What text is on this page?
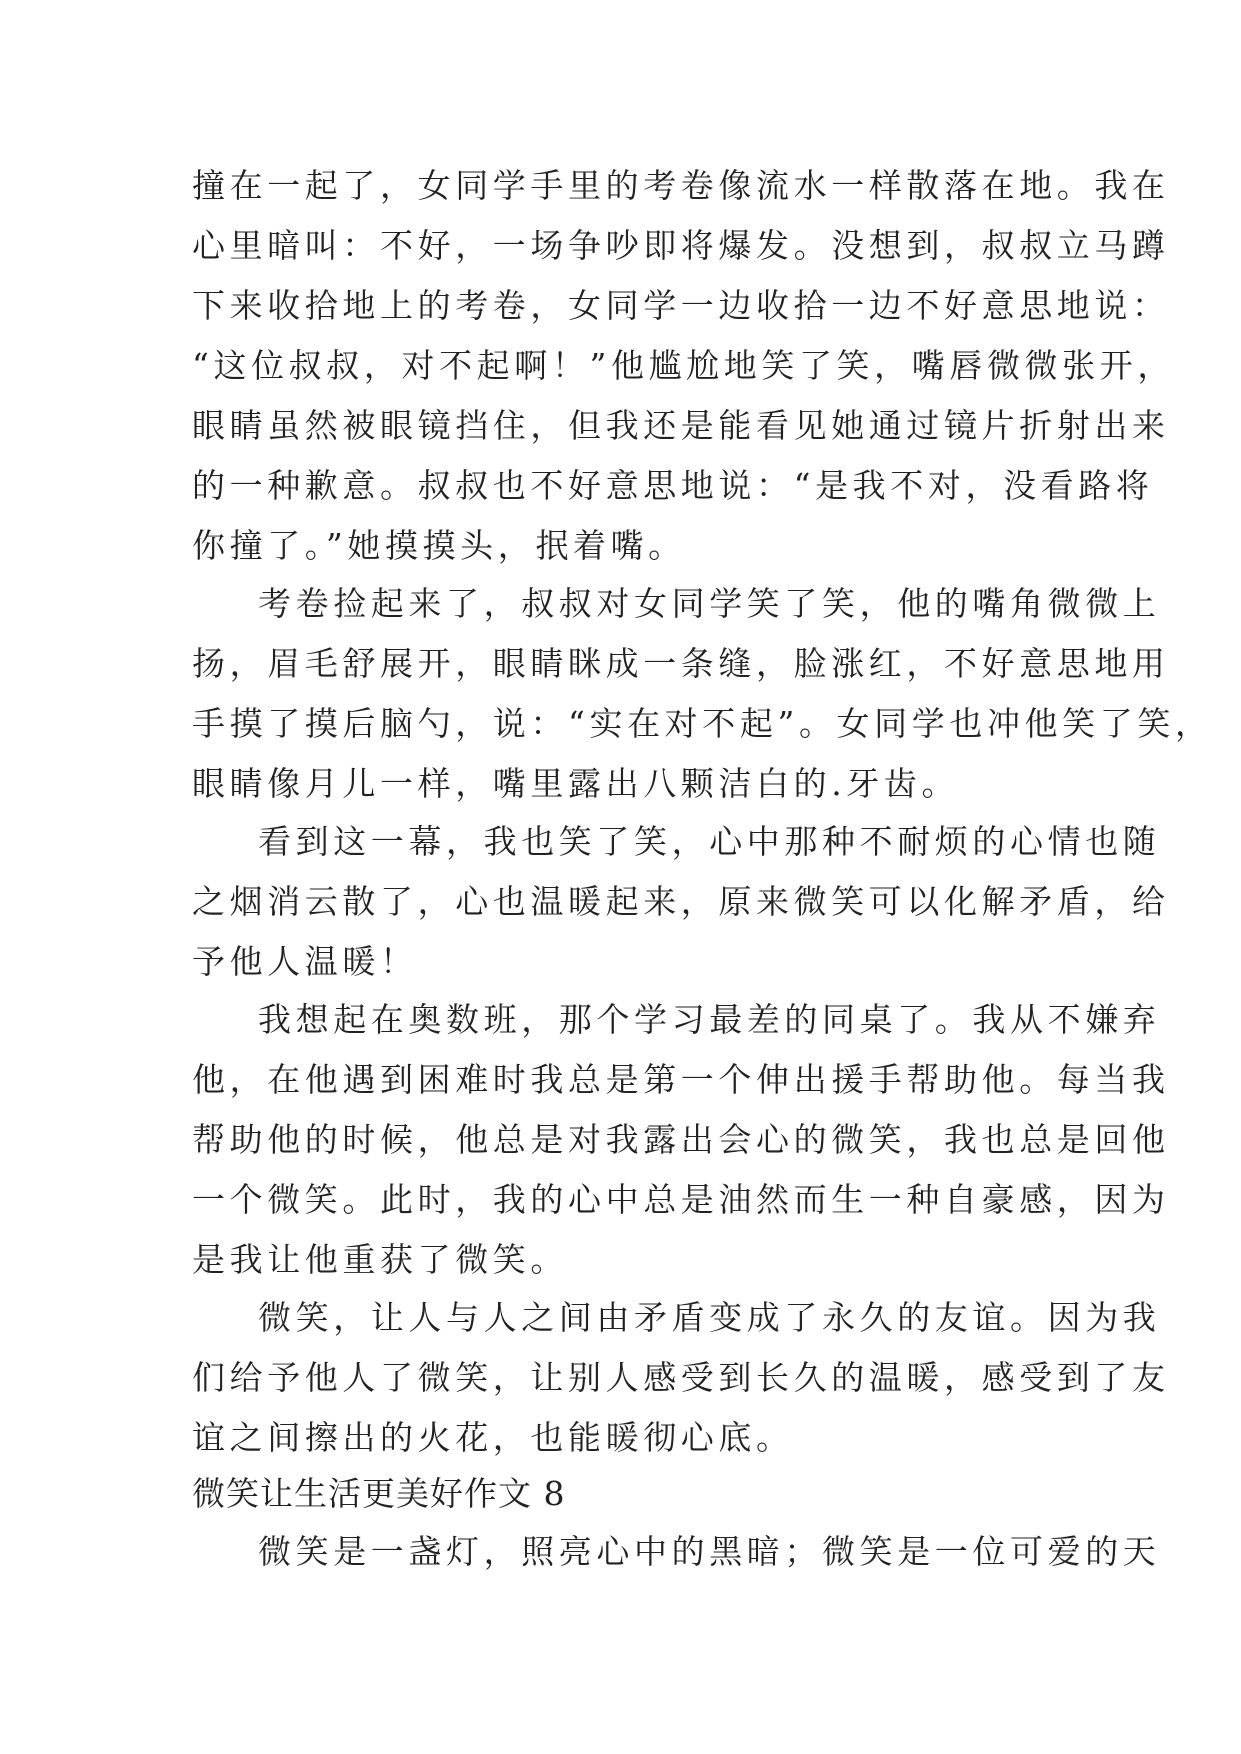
撞在一起了，女同学手里的考卷像流水一样散落在地。我在
心里暗叫：不好，一场争吵即将爆发。没想到，叔叔立马蹲
下来收拾地上的考卷，女同学一边收拾一边不好意思地说：
“这位叔叔，对不起啊！”他尴尬地笑了笑，嘴唇微微张开，
眼睛虽然被眼镜挡住，但我还是能看见她通过镜片折射出来
的一种歉意。叔叔也不好意思地说：“是我不对，没看路将
你撞了。”她摸摸头，抿着嘴。
考卷捡起来了，叔叔对女同学笑了笑，他的嘴角微微上
扬，眉毛舒展开，眼睛眯成一条缝，脸涨红，不好意思地用
手摸了摸后脑勺，说：“实在对不起”。女同学也冲他笑了笑，
眼睛像月儿一样，嘴里露出八颗洁白的.牙齿。
看到这一幕，我也笑了笑，心中那种不耐烦的心情也随
之烟消云散了，心也温暖起来，原来微笑可以化解矛盾，给
予他人温暖！
我想起在奥数班，那个学习最差的同桌了。我从不嫌弃
他，在他遇到困难时我总是第一个伸出援手帮助他。每当我
帮助他的时候，他总是对我露出会心的微笑，我也总是回他
一个微笑。此时，我的心中总是油然而生一种自豪感，因为
是我让他重获了微笑。
微笑，让人与人之间由矛盾变成了永久的友谊。因为我
们给予他人了微笑，让别人感受到长久的温暖，感受到了友
谊之间擦出的火花，也能暖彻心底。
微笑让生活更美好作文 8
微笑是一盏灯，照亮心中的黑暗；微笑是一位可爱的天
